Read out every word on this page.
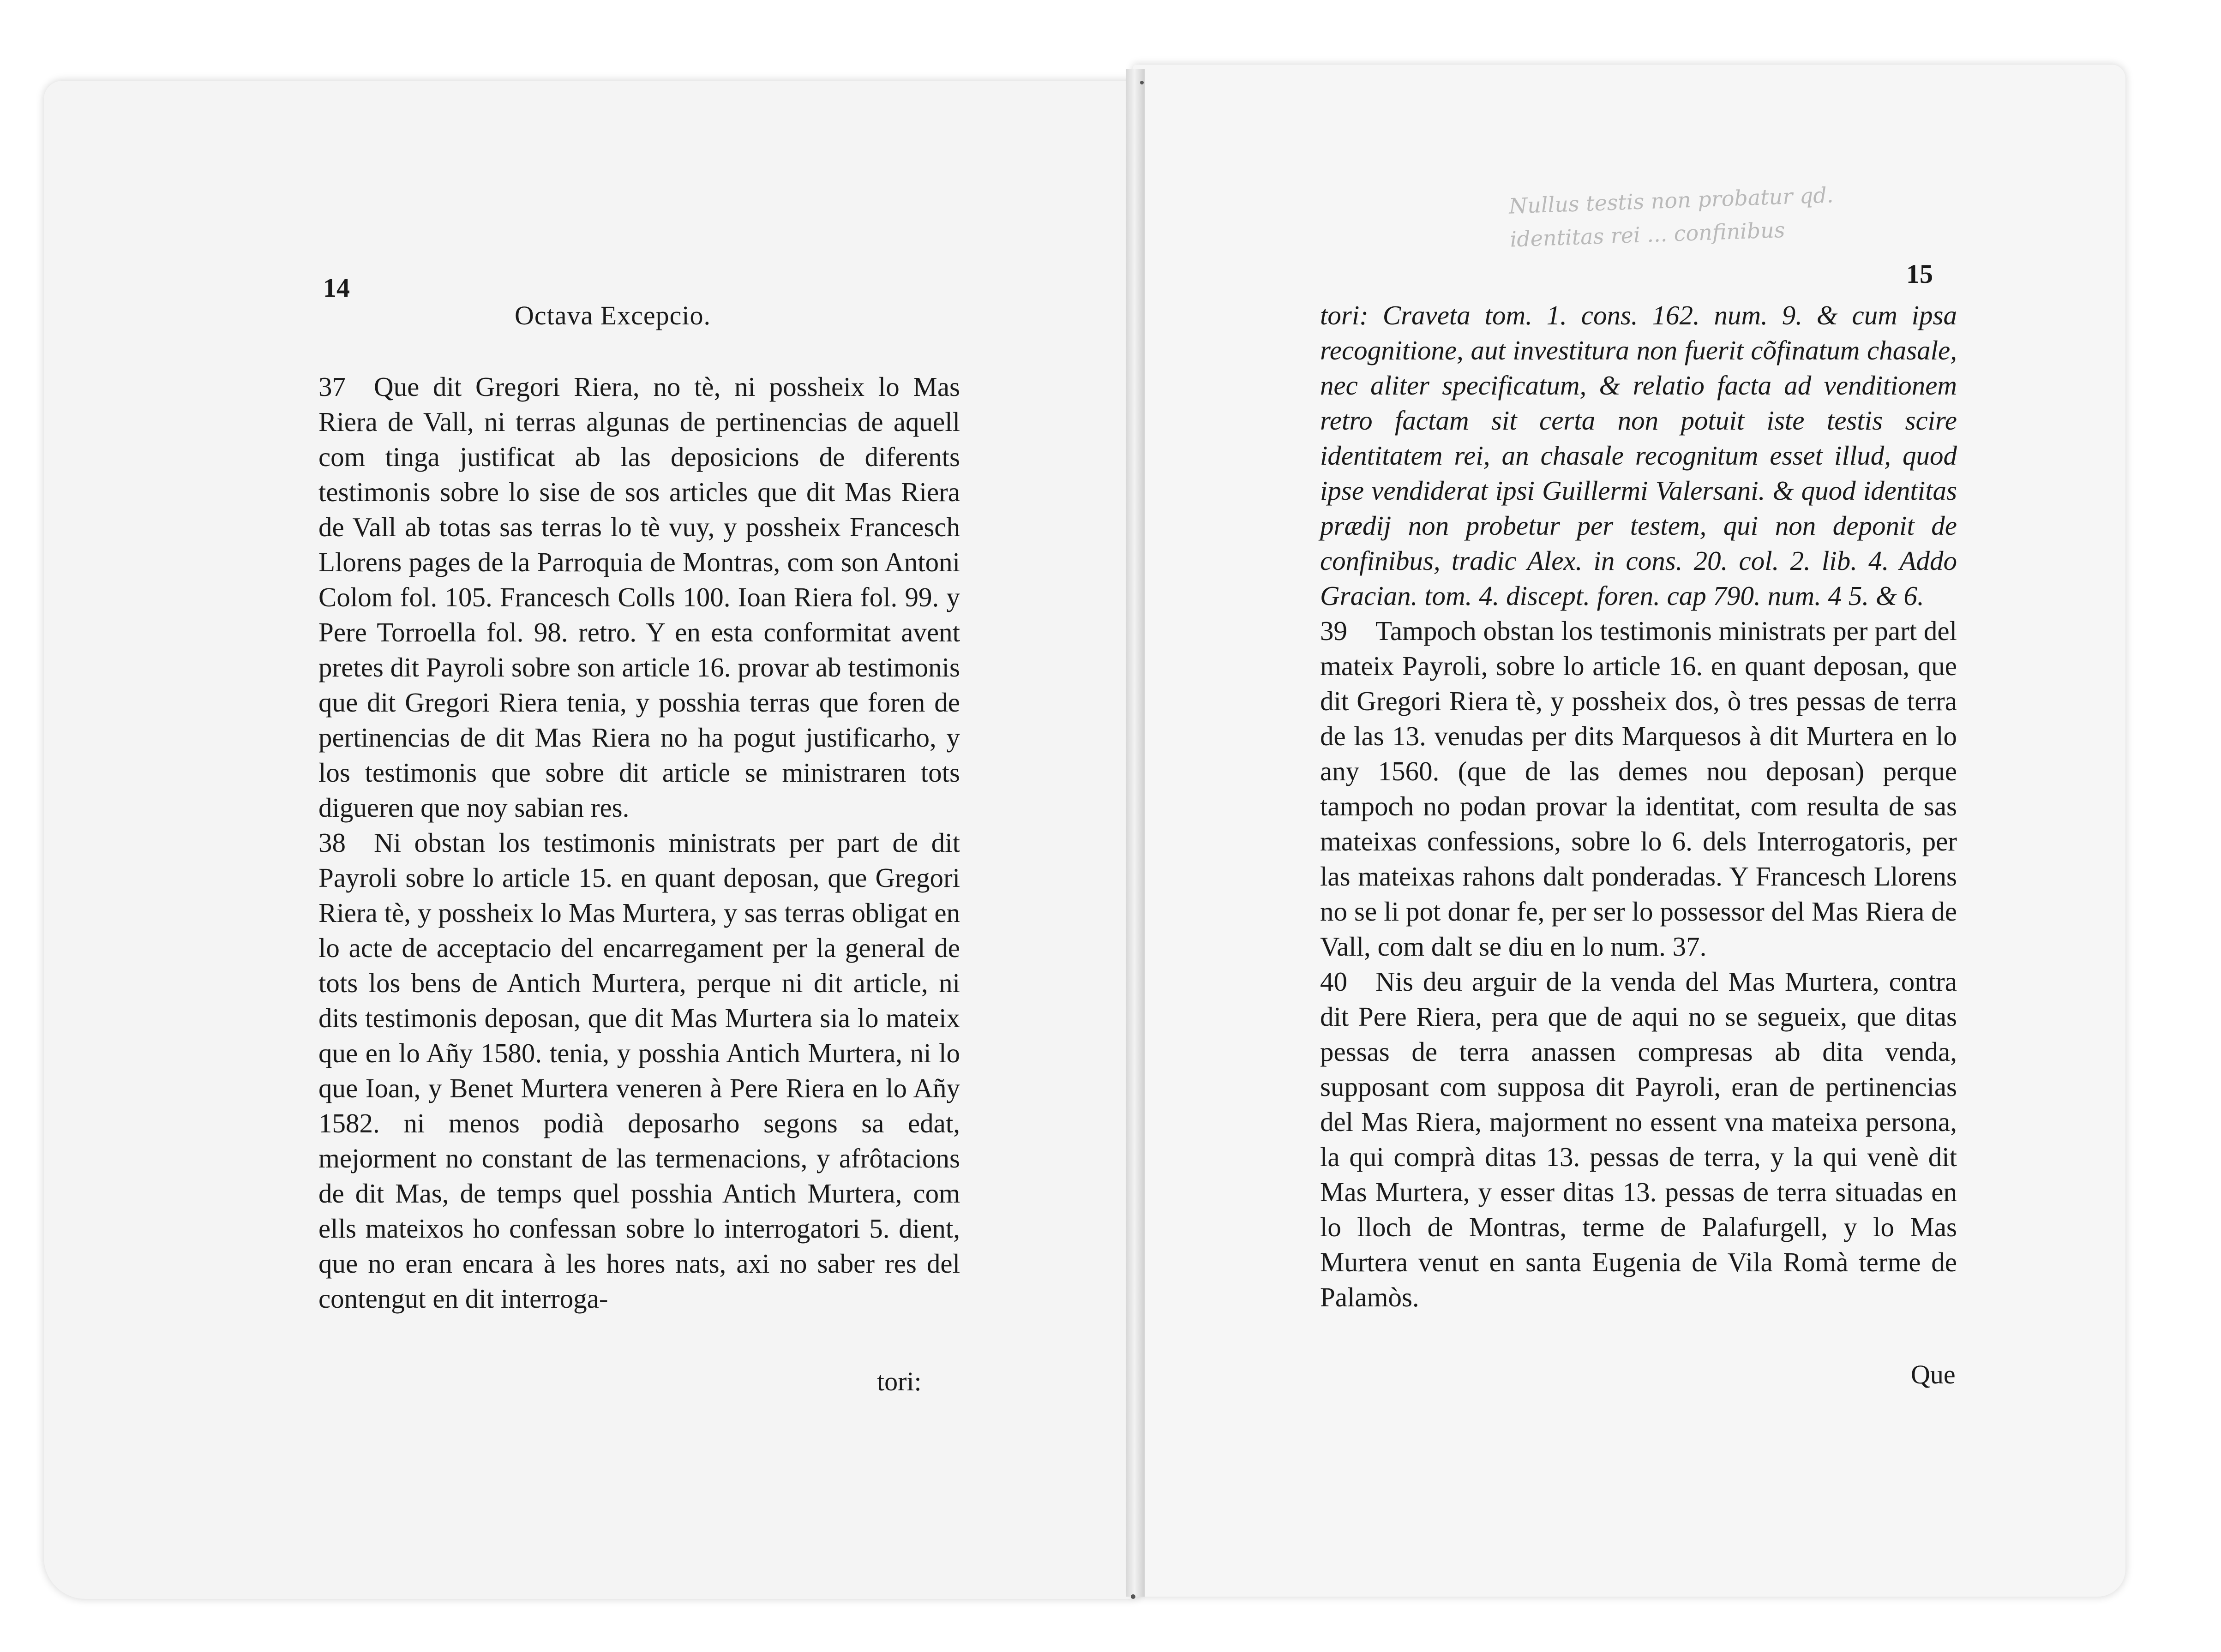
14
Octava Excepcio.

37 Que dit Gregori Riera, no tè, ni possheix lo Mas Riera de Vall, ni terras algunas de pertinencias de aquell com tinga justificat ab las deposicions de diferents testimonis sobre lo sise de sos articles que dit Mas Riera de Vall ab totas sas terras lo tè vuy, y possheix Francesch Llorens pages de la Parroquia de Montras, com son Antoni Colom fol. 105. Francesch Colls 100. Ioan Riera fol. 99. y Pere Torroella fol. 98. retro. Y en esta conformitat avent pretes dit Payroli sobre son article 16. provar ab testimonis que dit Gregori Riera tenia, y posshia terras que foren de pertinencias de dit Mas Riera no ha pogut justificarho, y los testimonis que sobre dit article se ministraren tots digueren que noy sabian res.

38 Ni obstan los testimonis ministrats per part de dit Payroli sobre lo article 15. en quant deposan, que Gregori Riera tè, y possheix lo Mas Murtera, y sas terras obligat en lo acte de acceptacio del encarregament per la general de tots los bens de Antich Murtera, perque ni dit article, ni dits testimonis deposan, que dit Mas Murtera sia lo mateix que en lo Añy 1580. tenia, y posshia Antich Murtera, ni lo que Ioan, y Benet Murtera veneren à Pere Riera en lo Añy 1582. ni menos podià deposarho segons sa edat, mejorment no constant de las termenacions, y afrôtacions de dit Mas, de temps quel posshia Antich Murtera, com ells mateixos ho confessan sobre lo interrogatori 5. dient, que no eran encara à les hores nats, axi no saber res del contengut en dit interroga-

tori:
Nullus testis non probatur qd. identitas rei ... confinibus
15

tori: Craveta tom. 1. cons. 162. num. 9. & cum ipsa recognitione, aut investitura non fuerit cõfinatum chasale, nec aliter specificatum, & relatio facta ad venditionem retro factam sit certa non potuit iste testis scire identitatem rei, an chasale recognitum esset illud, quod ipse vendiderat ipsi Guillermi Valersani. & quod identitas prædij non probetur per testem, qui non deponit de confinibus, tradic Alex. in cons. 20. col. 2. lib. 4. Addo Gracian. tom. 4. discept. foren. cap 790. num. 4 5. & 6.

39 Tampoch obstan los testimonis ministrats per part del mateix Payroli, sobre lo article 16. en quant deposan, que dit Gregori Riera tè, y possheix dos, ò tres pessas de terra de las 13. venudas per dits Marquesos à dit Murtera en lo any 1560. (que de las demes nou deposan) perque tampoch no podan provar la identitat, com resulta de sas mateixas confessions, sobre lo 6. dels Interrogatoris, per las mateixas rahons dalt ponderadas. Y Francesch Llorens no se li pot donar fe, per ser lo possessor del Mas Riera de Vall, com dalt se diu en lo num. 37.

40 Nis deu arguir de la venda del Mas Murtera, contra dit Pere Riera, pera que de aqui no se segueix, que ditas pessas de terra anassen compresas ab dita venda, supposant com supposa dit Payroli, eran de pertinencias del Mas Riera, majorment no essent vna mateixa persona, la qui comprà ditas 13. pessas de terra, y la qui venè dit Mas Murtera, y esser ditas 13. pessas de terra situadas en lo lloch de Montras, terme de Palafurgell, y lo Mas Murtera venut en santa Eugenia de Vila Romà terme de Palamòs.

Que
